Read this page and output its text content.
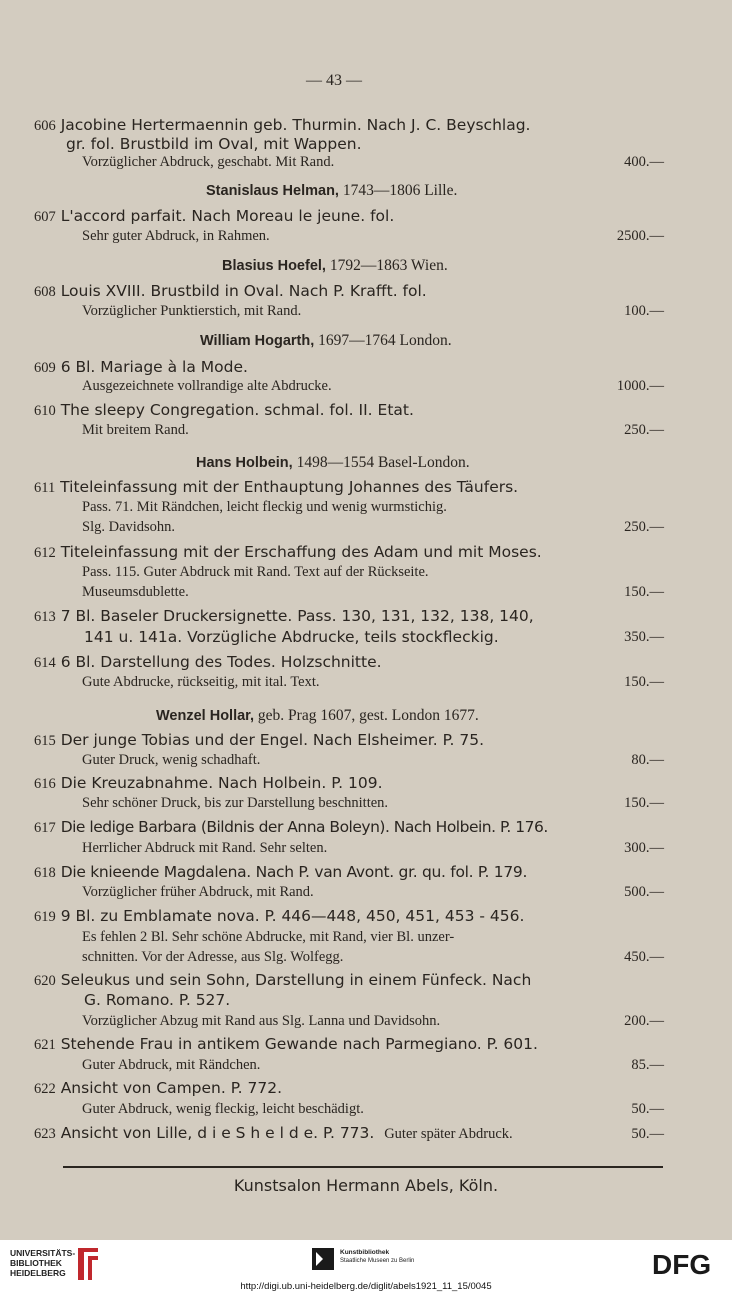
— 43 —
606 Jacobine Hertermaennin geb. Thurmin. Nach J. C. Beyschlag.
gr. fol. Brustbild im Oval, mit Wappen.
Vorzüglicher Abdruck, geschabt. Mit Rand.	400.—
Stanislaus Helman, 1743—1806 Lille.
607 L'accord parfait. Nach Moreau le jeune. fol.
Sehr guter Abdruck, in Rahmen.	2500.—
Blasius Hoefel, 1792—1863 Wien.
608 Louis XVIII. Brustbild in Oval. Nach P. Krafft. fol.
Vorzüglicher Punktierstich, mit Rand.	100.—
William Hogarth, 1697—1764 London.
609 6 Bl. Mariage à la Mode.
Ausgezeichnete vollrandige alte Abdrucke.	1000.—
610 The sleepy Congregation. schmal. fol. II. Etat.
Mit breitem Rand.	250.—
Hans Holbein, 1498—1554 Basel-London.
611 Titeleinfassung mit der Enthauptung Johannes des Täufers.
Pass. 71. Mit Rändchen, leicht fleckig und wenig wurmstichig.
Slg. Davidsohn.	250.—
612 Titeleinfassung mit der Erschaffung des Adam und mit Moses.
Pass. 115. Guter Abdruck mit Rand. Text auf der Rückseite.
Museumsdublette.	150.—
613 7 Bl. Baseler Druckersignette. Pass. 130, 131, 132, 138, 140,
141 u. 141a. Vorzügliche Abdrucke, teils stockfleckig.	350.—
614 6 Bl. Darstellung des Todes. Holzschnitte.
Gute Abdrucke, rückseitig, mit ital. Text.	150.—
Wenzel Hollar, geb. Prag 1607, gest. London 1677.
615 Der junge Tobias und der Engel. Nach Elsheimer. P. 75.
Guter Druck, wenig schadhaft.	80.—
616 Die Kreuzabnahme. Nach Holbein. P. 109.
Sehr schöner Druck, bis zur Darstellung beschnitten.	150.—
617 Die ledige Barbara (Bildnis der Anna Boleyn). Nach Holbein. P. 176.
Herrlicher Abdruck mit Rand. Sehr selten.	300.—
618 Die knieende Magdalena. Nach P. van Avont. gr. qu. fol. P. 179.
Vorzüglicher früher Abdruck, mit Rand.	500.—
619 9 Bl. zu Emblamate nova. P. 446—448, 450, 451, 453 - 456.
Es fehlen 2 Bl. Sehr schöne Abdrucke, mit Rand, vier Bl. unzer-
schnitten. Vor der Adresse, aus Slg. Wolfegg.	450.—
620 Seleukus und sein Sohn, Darstellung in einem Fünfeck. Nach
G. Romano. P. 527.
Vorzüglicher Abzug mit Rand aus Slg. Lanna und Davidsohn.	200.—
621 Stehende Frau in antikem Gewande nach Parmegiano. P. 601.
Guter Abdruck, mit Rändchen.	85.—
622 Ansicht von Campen. P. 772.
Guter Abdruck, wenig fleckig, leicht beschädigt.	50.—
623 Ansicht von Lille, d i e S h e l d e. P. 773. Guter später Abdruck.	50.—
Kunstsalon Hermann Abels, Köln.
UNIVERSITÄTS-
BIBLIOTHEK
HEIDELBERG
Kunstbibliothek
Staatliche Museen zu Berlin	DFG
http://digi.ub.uni-heidelberg.de/diglit/abels1921_11_15/0045
